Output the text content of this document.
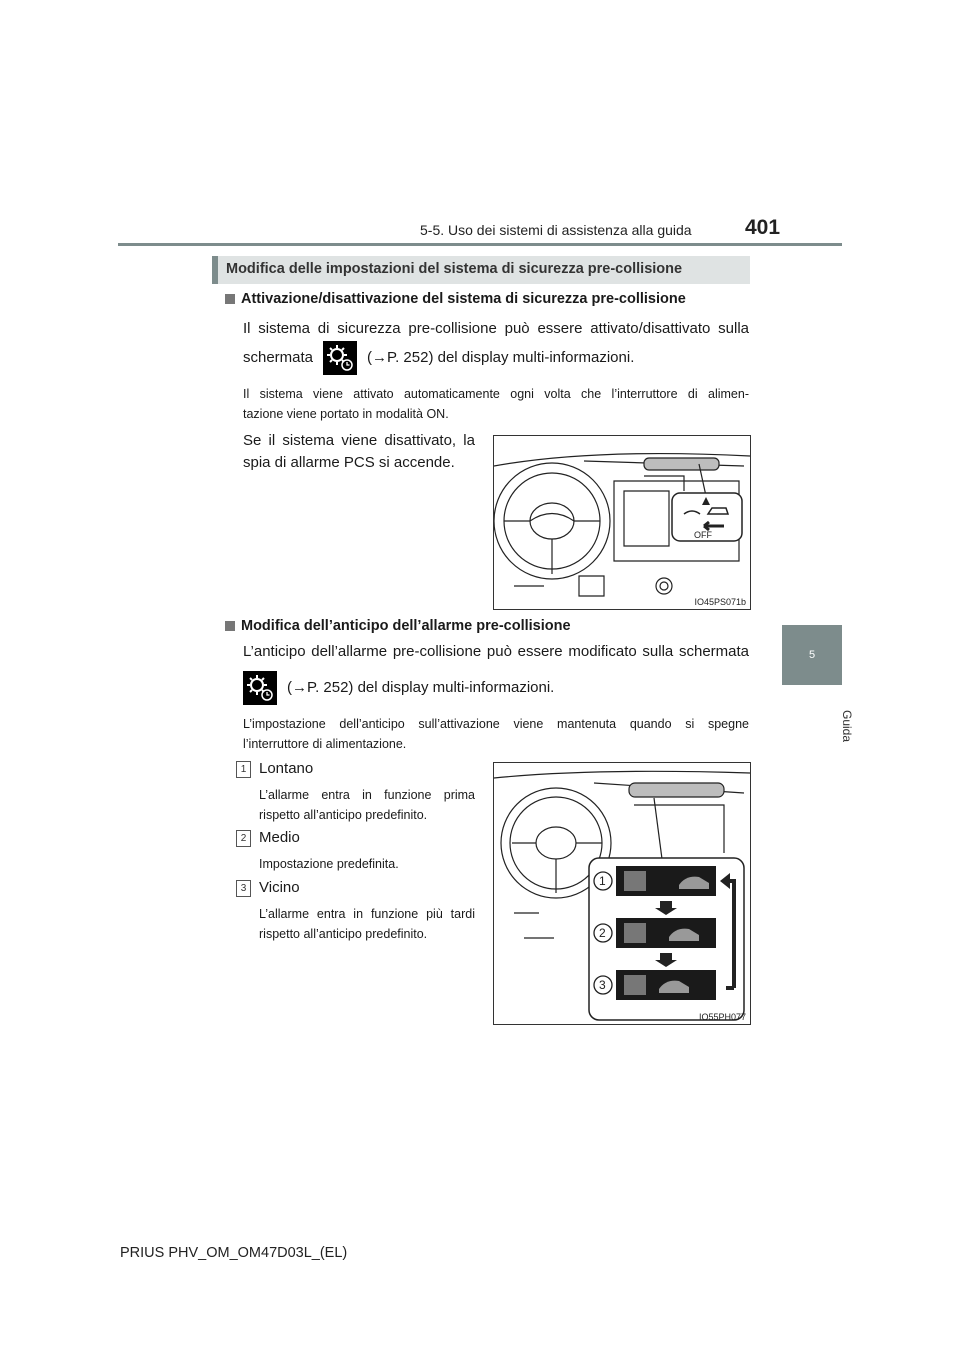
5-5. Uso dei sistemi di assistenza alla guida	401
5
Guida
Modifica delle impostazioni del sistema di sicurezza pre-collisione
Attivazione/disattivazione del sistema di sicurezza pre-collisione
Il sistema di sicurezza pre-collisione può essere attivato/disattivato sulla
schermata	(→P. 252) del display multi-informazioni.
Il sistema viene attivato automaticamente ogni volta che l’interruttore di alimen-
tazione viene portato in modalità ON.
Se il sistema viene disattivato, la
spia di allarme PCS si accende.
OFF
IO45PS071b
Modifica dell’anticipo dell’allarme pre-collisione
L’anticipo dell’allarme pre-collisione può essere modificato sulla schermata
(→P. 252) del display multi-informazioni.
L’impostazione dell’anticipo sull’attivazione viene mantenuta quando si spegne
l’interruttore di alimentazione.
1 Lontano
L’allarme entra in funzione prima
rispetto all’anticipo predefinito.
2 Medio
Impostazione predefinita.
3 Vicino
L’allarme entra in funzione più tardi
rispetto all’anticipo predefinito.
1
2
3
IO55PH077
PRIUS PHV_OM_OM47D03L_(EL)
